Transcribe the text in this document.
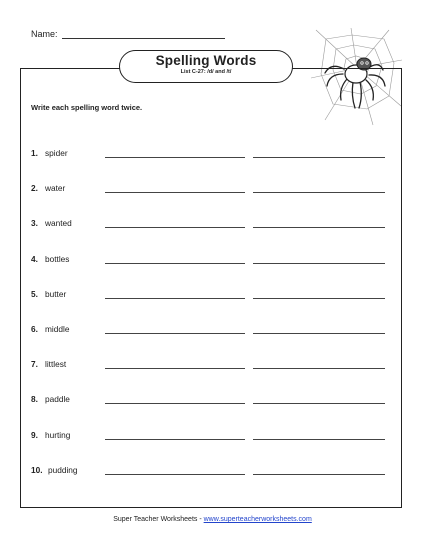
Name:
Spelling Words
List C-27: /d/ and /t/
Write each spelling word twice.
1. spider
2. water
3. wanted
4. bottles
5. butter
6. middle
7. littlest
8. paddle
9. hurting
10. pudding
Super Teacher Worksheets - www.superteacherworksheets.com
